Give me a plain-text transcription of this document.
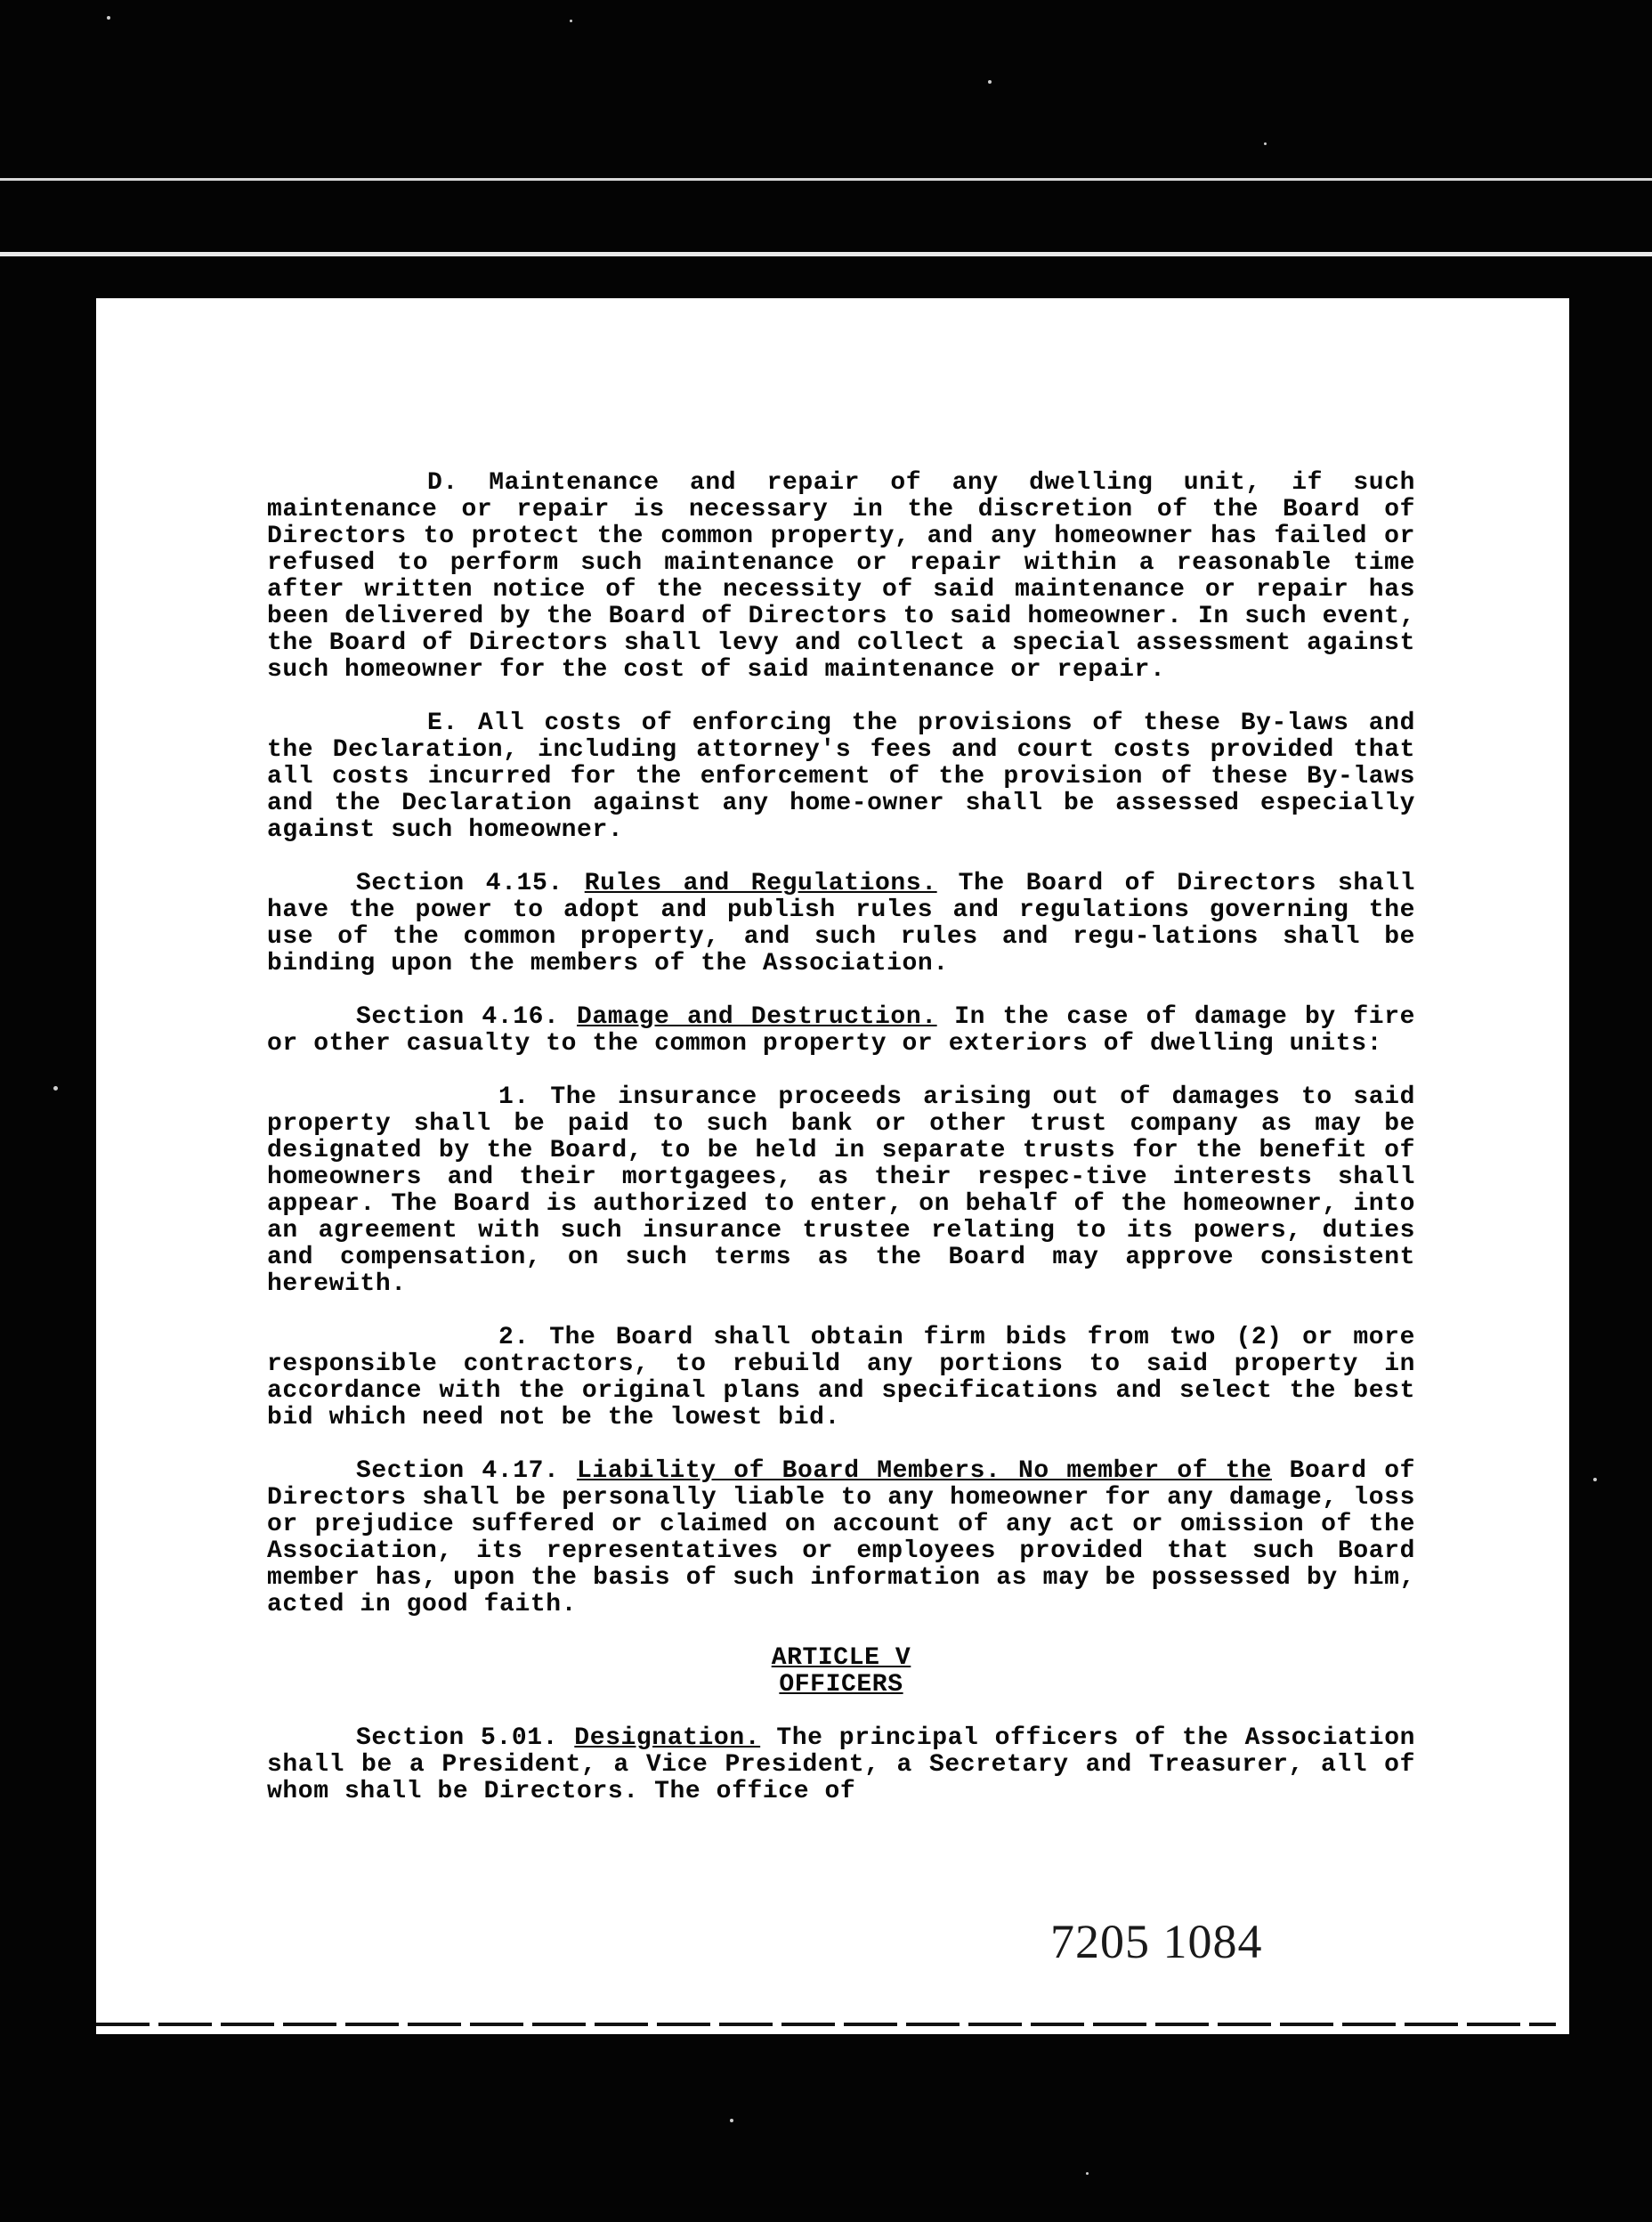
D. Maintenance and repair of any dwelling unit, if such maintenance or repair is necessary in the discretion of the Board of Directors to protect the common property, and any homeowner has failed or refused to perform such maintenance or repair within a reasonable time after written notice of the necessity of said maintenance or repair has been delivered by the Board of Directors to said homeowner. In such event, the Board of Directors shall levy and collect a special assessment against such homeowner for the cost of said maintenance or repair.

E. All costs of enforcing the provisions of these By-laws and the Declaration, including attorney's fees and court costs provided that all costs incurred for the enforcement of the provision of these By-laws and the Declaration against any home-owner shall be assessed especially against such homeowner.

Section 4.15. Rules and Regulations. The Board of Directors shall have the power to adopt and publish rules and regulations governing the use of the common property, and such rules and regu-lations shall be binding upon the members of the Association.

Section 4.16. Damage and Destruction. In the case of damage by fire or other casualty to the common property or exteriors of dwelling units:

1. The insurance proceeds arising out of damages to said property shall be paid to such bank or other trust company as may be designated by the Board, to be held in separate trusts for the benefit of homeowners and their mortgagees, as their respec-tive interests shall appear. The Board is authorized to enter, on behalf of the homeowner, into an agreement with such insurance trustee relating to its powers, duties and compensation, on such terms as the Board may approve consistent herewith.

2. The Board shall obtain firm bids from two (2) or more responsible contractors, to rebuild any portions to said property in accordance with the original plans and specifications and select the best bid which need not be the lowest bid.

Section 4.17. Liability of Board Members. No member of the Board of Directors shall be personally liable to any homeowner for any damage, loss or prejudice suffered or claimed on account of any act or omission of the Association, its representatives or employees provided that such Board member has, upon the basis of such information as may be possessed by him, acted in good faith.

ARTICLE V
OFFICERS

Section 5.01. Designation. The principal officers of the Association shall be a President, a Vice President, a Secretary and Treasurer, all of whom shall be Directors. The office of

7205 1084
